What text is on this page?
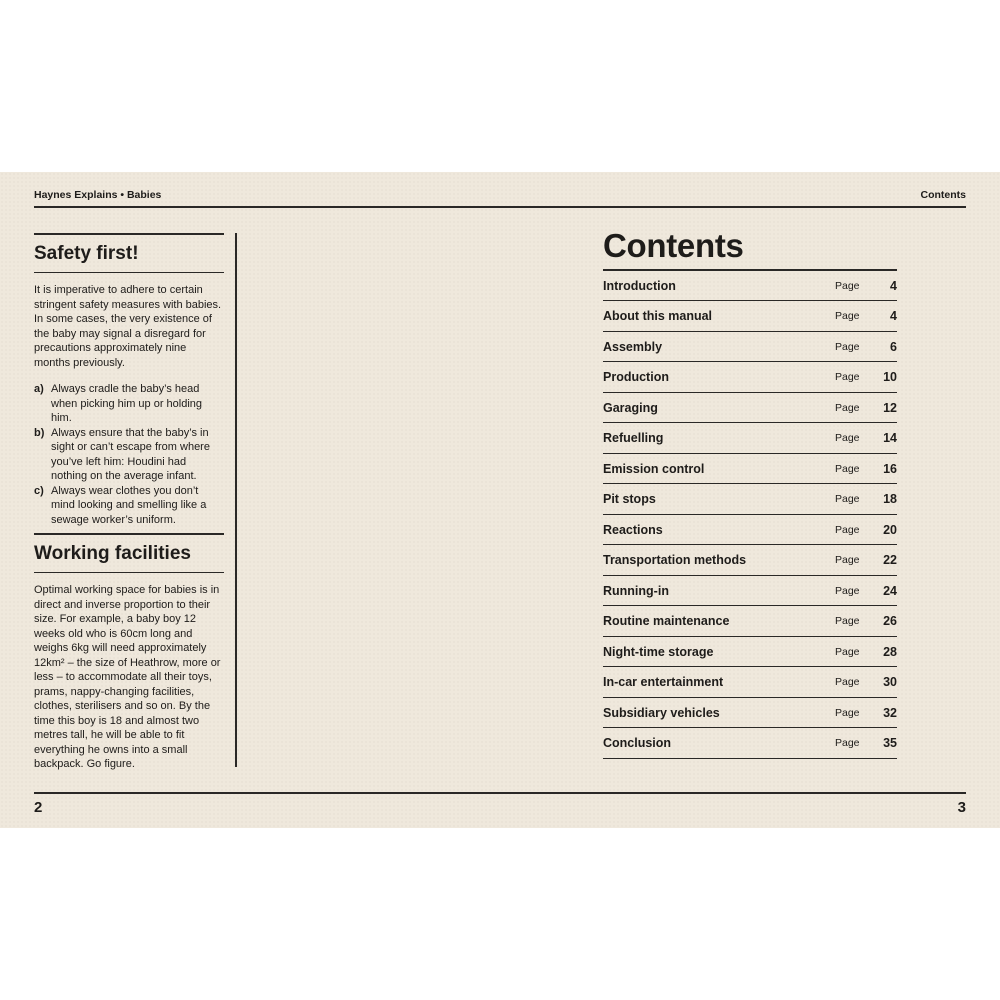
Haynes Explains • Babies	Contents
Safety first!
It is imperative to adhere to certain stringent safety measures with babies. In some cases, the very existence of the baby may signal a disregard for precautions approximately nine months previously.
a) Always cradle the baby’s head when picking him up or holding him.
b) Always ensure that the baby’s in sight or can’t escape from where you’ve left him: Houdini had nothing on the average infant.
c) Always wear clothes you don’t mind looking and smelling like a sewage worker’s uniform.
Working facilities
Optimal working space for babies is in direct and inverse proportion to their size. For example, a baby boy 12 weeks old who is 60cm long and weighs 6kg will need approximately 12km² – the size of Heathrow, more or less – to accommodate all their toys, prams, nappy-changing facilities, clothes, sterilisers and so on. By the time this boy is 18 and almost two metres tall, he will be able to fit everything he owns into a small backpack. Go figure.
Contents
Introduction	Page 4
About this manual	Page 4
Assembly	Page 6
Production	Page 10
Garaging	Page 12
Refuelling	Page 14
Emission control	Page 16
Pit stops	Page 18
Reactions	Page 20
Transportation methods	Page 22
Running-in	Page 24
Routine maintenance	Page 26
Night-time storage	Page 28
In-car entertainment	Page 30
Subsidiary vehicles	Page 32
Conclusion	Page 35
2	3
